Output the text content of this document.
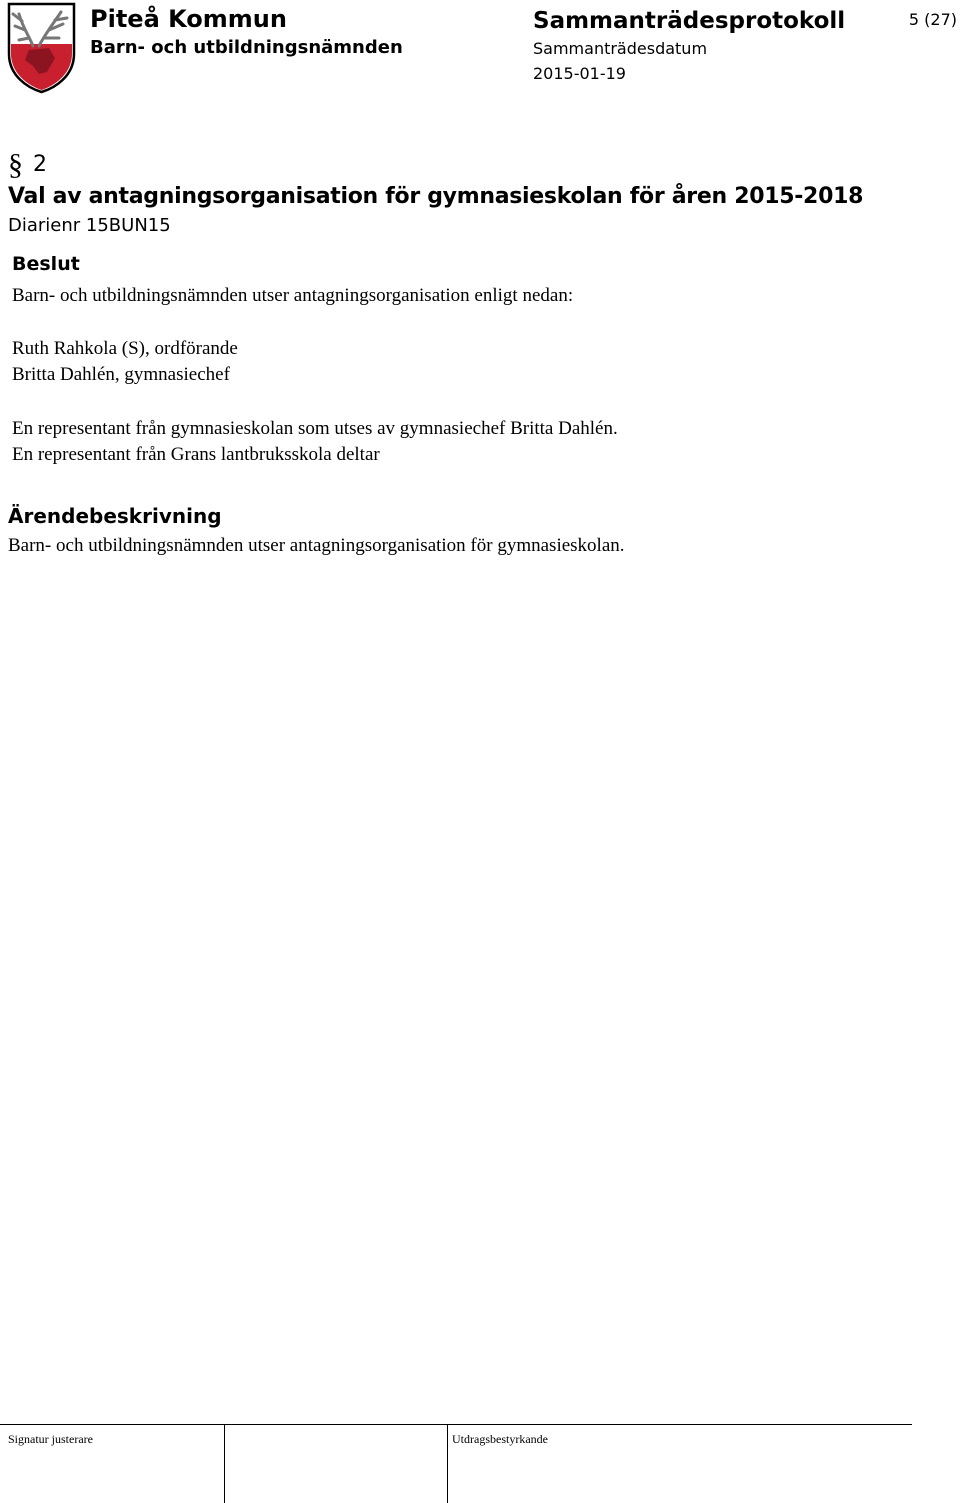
Piteå Kommun
Barn- och utbildningsnämnden
Sammanträdesprotokoll
Sammanträdesdatum
2015-01-19
5 (27)
§ 2
Val av antagningsorganisation för gymnasieskolan för åren 2015-2018
Diarienr 15BUN15
Beslut
Barn- och utbildningsnämnden utser antagningsorganisation enligt nedan:
Ruth Rahkola (S), ordförande
Britta Dahlén, gymnasiechef
En representant från gymnasieskolan som utses av gymnasiechef Britta Dahlén.
En representant från Grans lantbruksskola deltar
Ärendebeskrivning
Barn- och utbildningsnämnden utser antagningsorganisation för gymnasieskolan.
Signatur justerare	Utdragsbestyrkande
